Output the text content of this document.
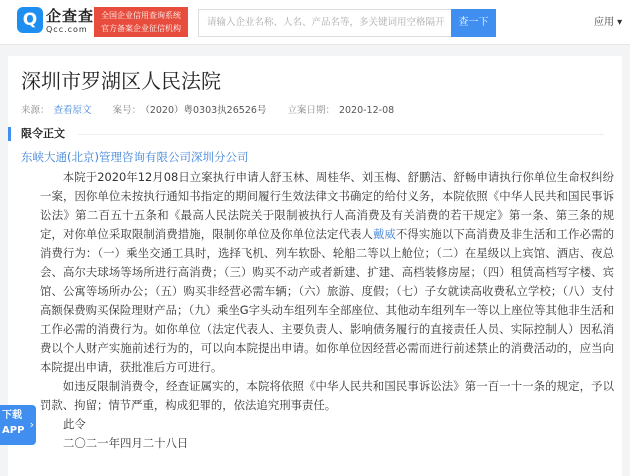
Q 企查查
Qcc.com
全国企业信用查询系统
官方备案企业征信机构
请输入企业名称、人名、产品名等，多关键词用空格隔开	查一下	应用 ▾
深圳市罗湖区人民法院
来源： 查看原文 案号： （2020）粤0303执26526号 立案日期： 2020-12-08
限令正文
东峡大通(北京)管理咨询有限公司深圳分公司

本院于2020年12月08日立案执行申请人舒玉林、周桂华、刘玉梅、舒鹏洁、舒畅申请执行你单位生命权纠纷一案，因你单位未按执行通知书指定的期间履行生效法律文书确定的给付义务，本院依照《中华人民共和国民事诉讼法》第二百五十五条和《最高人民法院关于限制被执行人高消费及有关消费的若干规定》第一条、第三条的规定，对你单位采取限制消费措施，限制你单位及你单位法定代表人戴威不得实施以下高消费及非生活和工作必需的消费行为：（一）乘坐交通工具时，选择飞机、列车软卧、轮船二等以上舱位；（二）在星级以上宾馆、酒店、夜总会、高尔夫球场等场所进行高消费；（三）购买不动产或者新建、扩建、高档装修房屋；（四）租赁高档写字楼、宾馆、公寓等场所办公；（五）购买非经营必需车辆；（六）旅游、度假；（七）子女就读高收费私立学校；（八）支付高额保费购买保险理财产品；（九）乘坐G字头动车组列车全部座位、其他动车组列车一等以上座位等其他非生活和工作必需的消费行为。如你单位（法定代表人、主要负责人、影响债务履行的直接责任人员、实际控制人）因私消费以个人财产实施前述行为的，可以向本院提出申请。如你单位因经营必需而进行前述禁止的消费活动的，应当向本院提出申请，获批准后方可进行。

如违反限制消费令，经查证属实的，本院将依照《中华人民共和国民事诉讼法》第一百一十一条的规定，予以罚款、拘留；情节严重，构成犯罪的，依法追究刑事责任。

此令

二〇二一年四月二十八日

下载
APP ›
